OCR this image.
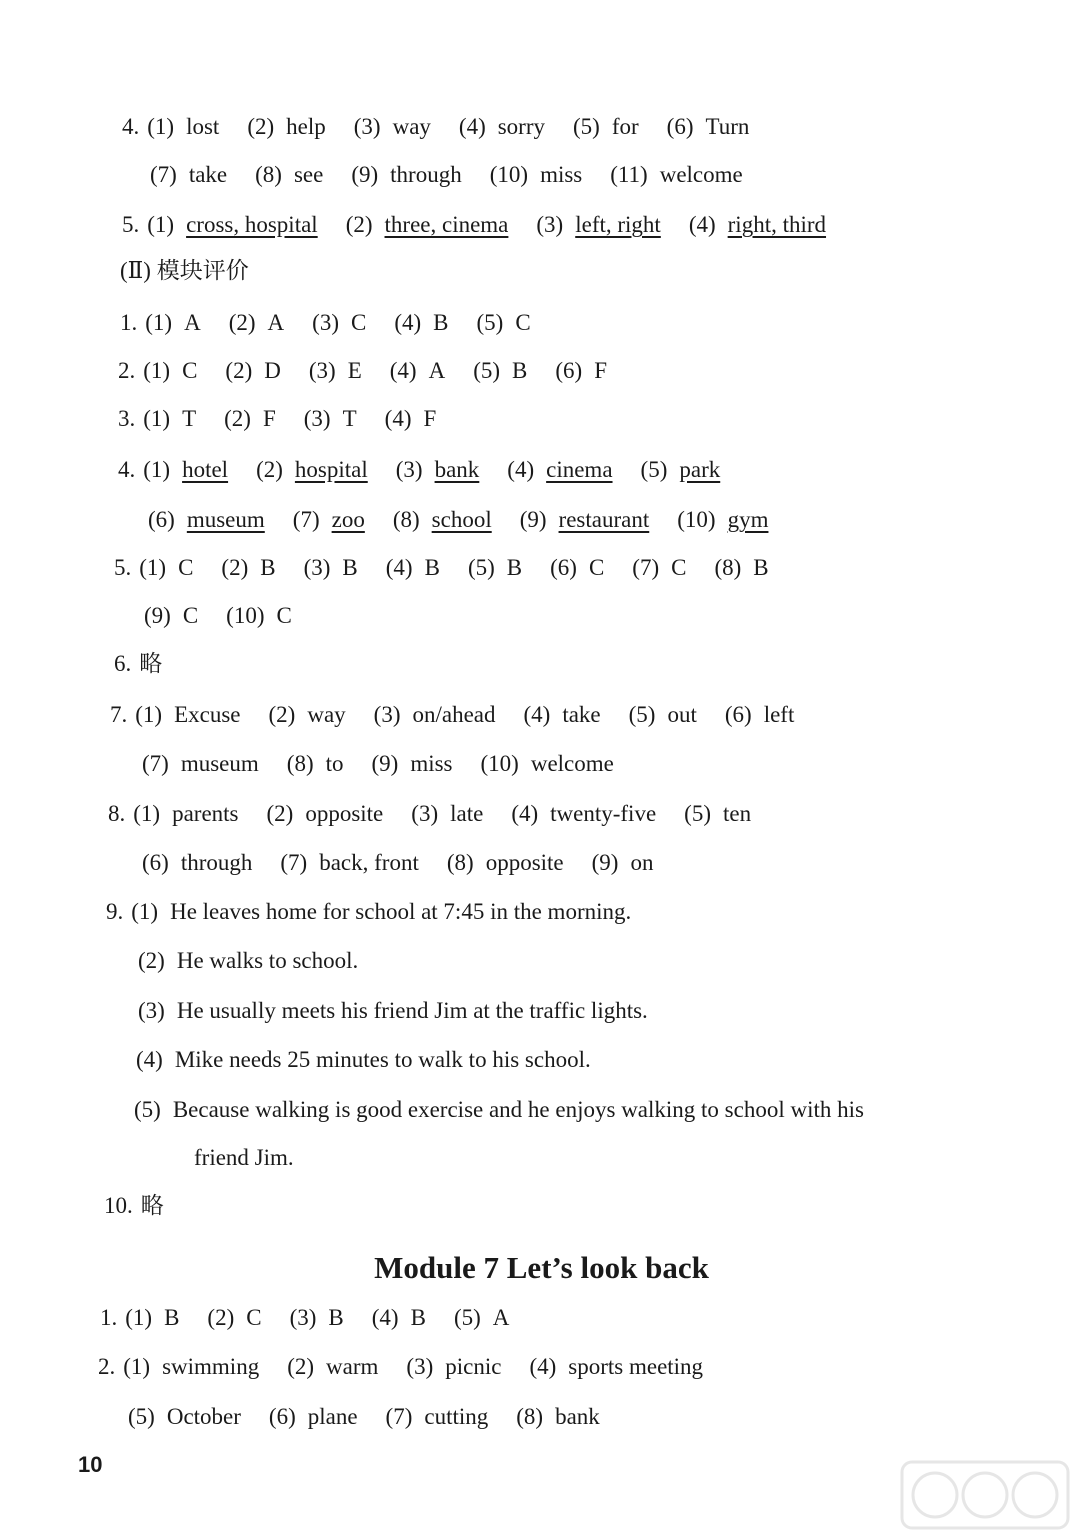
4. (1) lost (2) help (3) way (4) sorry (5) for (6) Turn
(7) take (8) see (9) through (10) miss (11) welcome
5. (1) cross, hospital (2) three, cinema (3) left, right (4) right, third
1. (1) A (2) A (3) C (4) B (5) C
2. (1) C (2) D (3) E (4) A (5) B (6) F
3. (1) T (2) F (3) T (4) F
4. (1) hotel (2) hospital (3) bank (4) cinema (5) park
(6) museum (7) zoo (8) school (9) restaurant (10) gym
5. (1) C (2) B (3) B (4) B (5) B (6) C (7) C (8) B
(9) C (10) C
6. 略
7. (1) Excuse (2) way (3) on/ahead (4) take (5) out (6) left
(7) museum (8) to (9) miss (10) welcome
8. (1) parents (2) opposite (3) late (4) twenty-five (5) ten
(6) through (7) back, front (8) opposite (9) on
9. (1) He leaves home for school at 7:45 in the morning.
(2) He walks to school.
(3) He usually meets his friend Jim at the traffic lights.
(4) Mike needs 25 minutes to walk to his school.
(5) Because walking is good exercise and he enjoys walking to school with his
friend Jim.
10. 略
1. (1) B (2) C (3) B (4) B (5) A
2. (1) swimming (2) warm (3) picnic (4) sports meeting
(5) October (6) plane (7) cutting (8) bank
(Ⅱ) 模块评价
Module 7 Let’s look back
10
